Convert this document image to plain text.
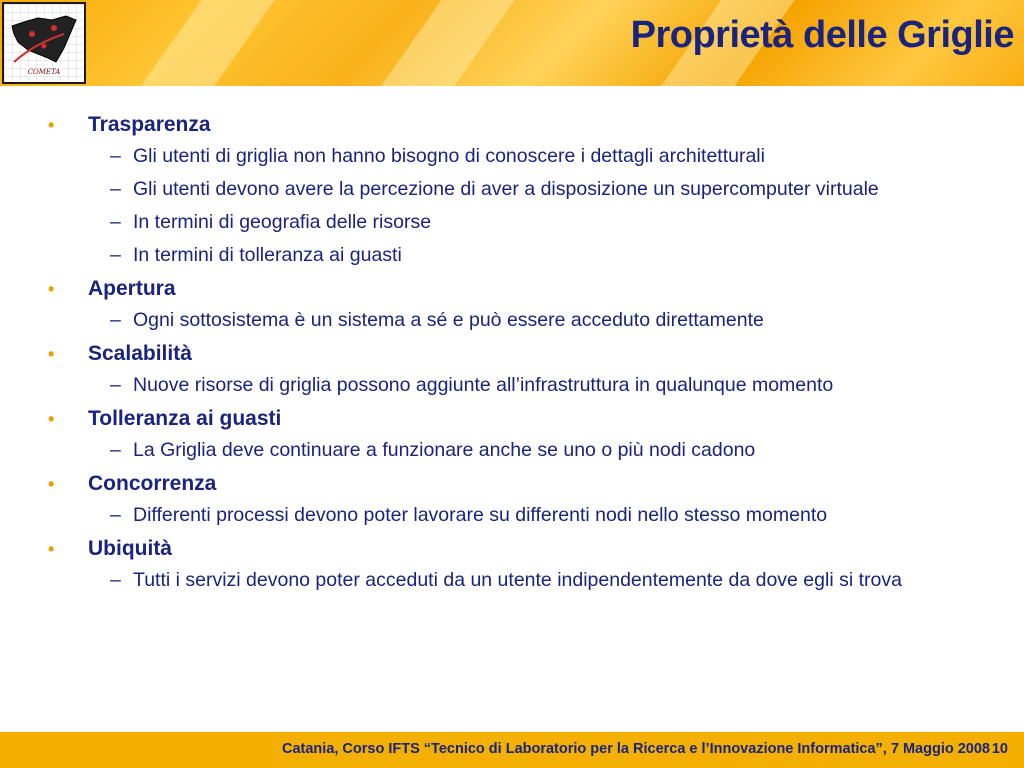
COMETA
Proprietà delle Griglie
• Trasparenza
– Gli utenti di griglia non hanno bisogno di conoscere i dettagli architetturali
– Gli utenti devono avere la percezione di aver a disposizione un supercomputer virtuale
– In termini di geografia delle risorse
– In termini di tolleranza ai guasti
• Apertura
– Ogni sottosistema è un sistema a sé e può essere acceduto direttamente
• Scalabilità
– Nuove risorse di griglia possono aggiunte all’infrastruttura in qualunque momento
• Tolleranza ai guasti
– La Griglia deve continuare a funzionare anche se uno o più nodi cadono
• Concorrenza
– Differenti processi devono poter lavorare su differenti nodi nello stesso momento
• Ubiquità
– Tutti i servizi devono poter acceduti da un utente indipendentemente da dove egli si trova
Catania, Corso IFTS “Tecnico di Laboratorio per la Ricerca e l’Innovazione Informatica”, 7 Maggio 2008 10
